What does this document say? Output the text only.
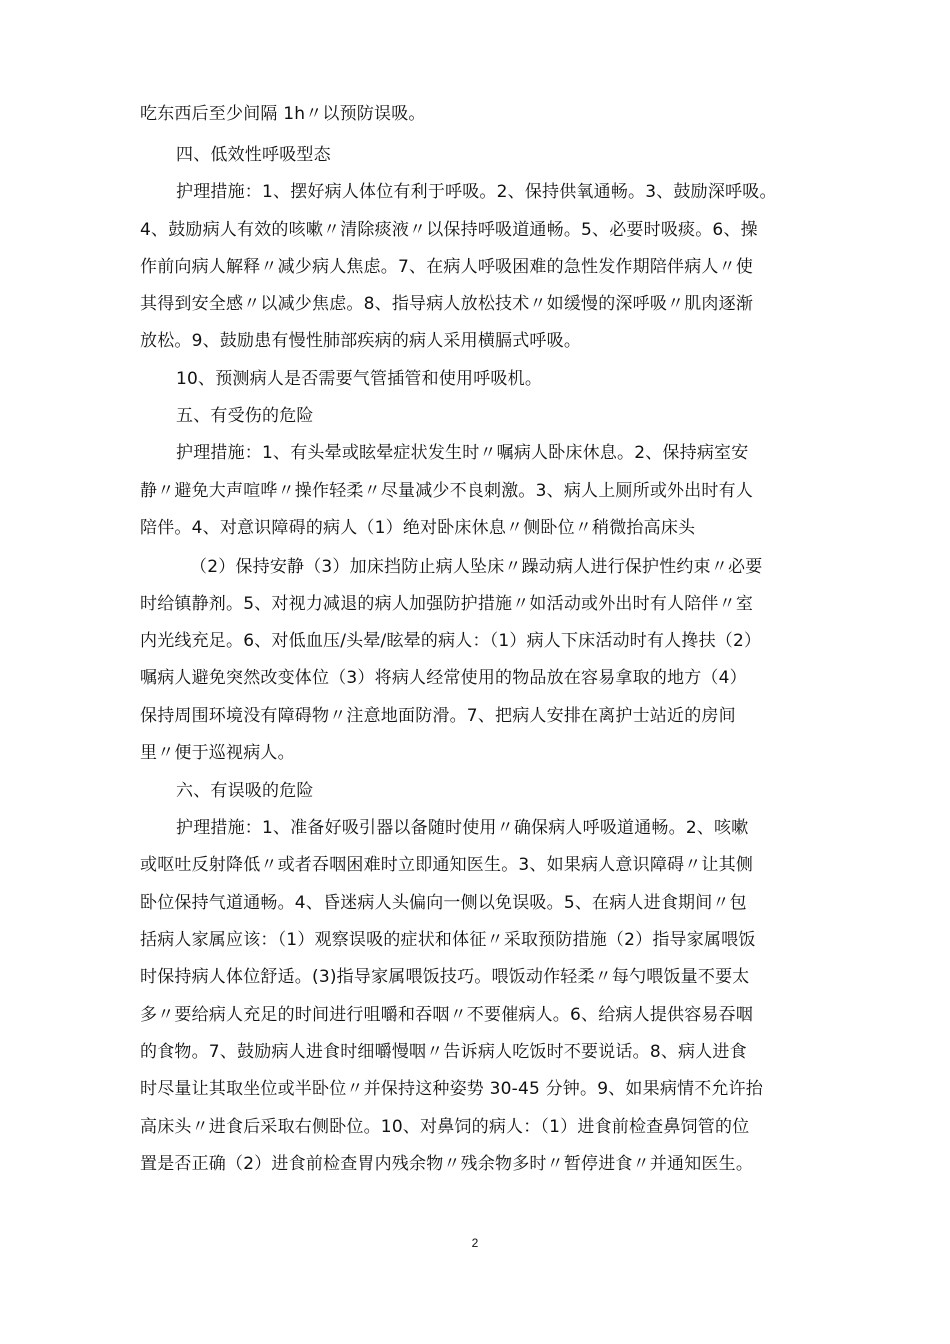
吃东西后至少间隔 1h〃以预防误吸。
四、低效性呼吸型态
护理措施：1、摆好病人体位有利于呼吸。2、保持供氧通畅。3、鼓励深呼吸。
4、鼓励病人有效的咳嗽〃清除痰液〃以保持呼吸道通畅。5、必要时吸痰。6、操
作前向病人解释〃减少病人焦虑。7、在病人呼吸困难的急性发作期陪伴病人〃使
其得到安全感〃以减少焦虑。8、指导病人放松技术〃如缓慢的深呼吸〃肌肉逐渐
放松。9、鼓励患有慢性肺部疾病的病人采用横膈式呼吸。
10、预测病人是否需要气管插管和使用呼吸机。
五、有受伤的危险
护理措施：1、有头晕或眩晕症状发生时〃嘱病人卧床休息。2、保持病室安
静〃避免大声喧哗〃操作轻柔〃尽量减少不良刺激。3、病人上厕所或外出时有人
陪伴。4、对意识障碍的病人（1）绝对卧床休息〃侧卧位〃稍微抬高床头
（2）保持安静（3）加床挡防止病人坠床〃躁动病人进行保护性约束〃必要
时给镇静剂。5、对视力减退的病人加强防护措施〃如活动或外出时有人陪伴〃室
内光线充足。6、对低血压/头晕/眩晕的病人：（1）病人下床活动时有人搀扶（2）
嘱病人避免突然改变体位（3）将病人经常使用的物品放在容易拿取的地方（4）
保持周围环境没有障碍物〃注意地面防滑。7、把病人安排在离护士站近的房间
里〃便于巡视病人。
六、有误吸的危险
护理措施：1、准备好吸引器以备随时使用〃确保病人呼吸道通畅。2、咳嗽
或呕吐反射降低〃或者吞咽困难时立即通知医生。3、如果病人意识障碍〃让其侧
卧位保持气道通畅。4、昏迷病人头偏向一侧以免误吸。5、在病人进食期间〃包
括病人家属应该：（1）观察误吸的症状和体征〃采取预防措施（2）指导家属喂饭
时保持病人体位舒适。(3)指导家属喂饭技巧。喂饭动作轻柔〃每勺喂饭量不要太
多〃要给病人充足的时间进行咀嚼和吞咽〃不要催病人。6、给病人提供容易吞咽
的食物。7、鼓励病人进食时细嚼慢咽〃告诉病人吃饭时不要说话。8、病人进食
时尽量让其取坐位或半卧位〃并保持这种姿势 30-45 分钟。9、如果病情不允许抬
高床头〃进食后采取右侧卧位。10、对鼻饲的病人：（1）进食前检查鼻饲管的位
置是否正确（2）进食前检查胃内残余物〃残余物多时〃暂停进食〃并通知医生。
2
